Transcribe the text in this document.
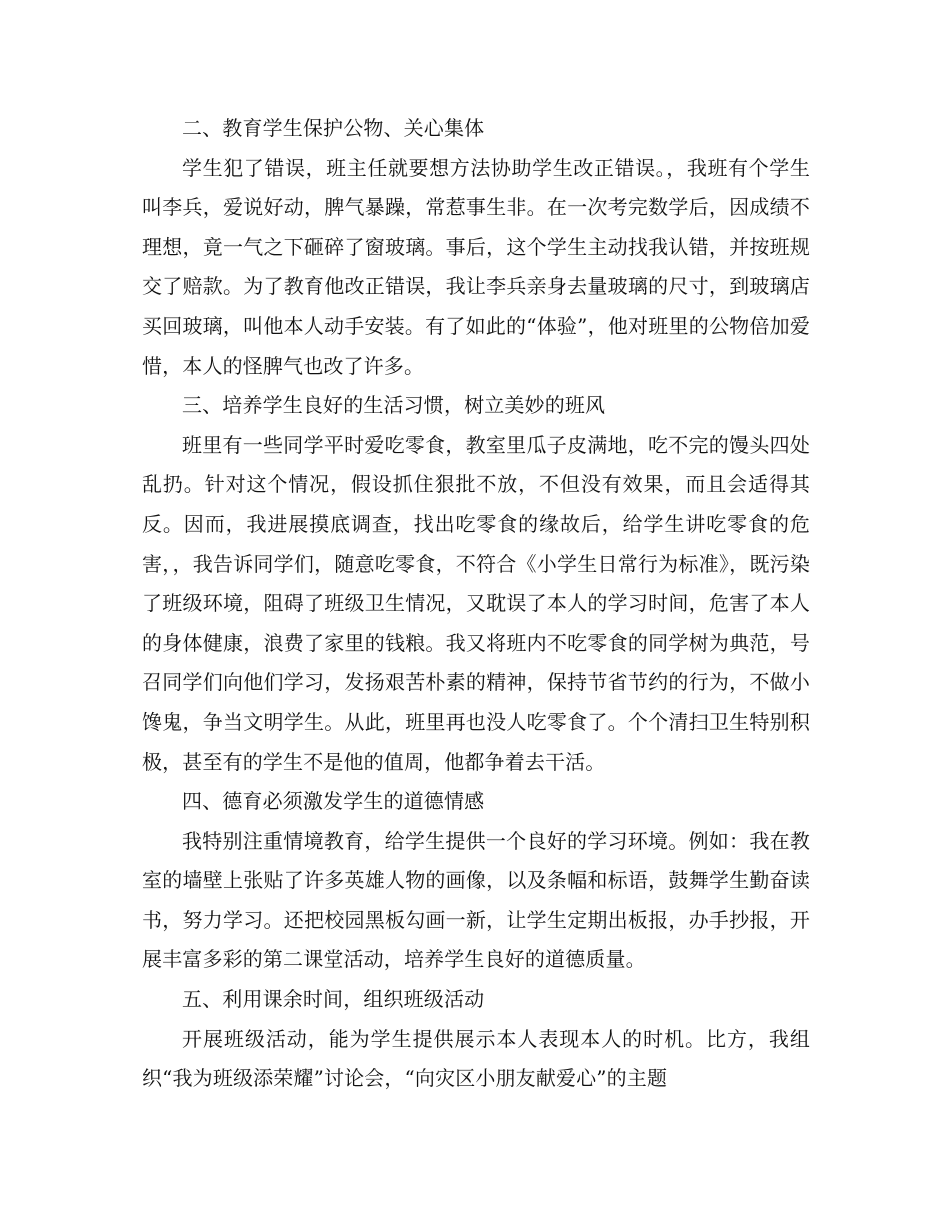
二、教育学生保护公物、关心集体

学生犯了错误，班主任就要想方法协助学生改正错误。，我班有个学生叫李兵，爱说好动，脾气暴躁，常惹事生非。在一次考完数学后，因成绩不理想，竟一气之下砸碎了窗玻璃。事后，这个学生主动找我认错，并按班规交了赔款。为了教育他改正错误，我让李兵亲身去量玻璃的尺寸，到玻璃店买回玻璃，叫他本人动手安装。有了如此的“体验”，他对班里的公物倍加爱惜，本人的怪脾气也改了许多。

三、培养学生良好的生活习惯，树立美妙的班风

班里有一些同学平时爱吃零食，教室里瓜子皮满地，吃不完的馒头四处乱扔。针对这个情况，假设抓住狠批不放，不但没有效果，而且会适得其反。因而，我进展摸底调查，找出吃零食的缘故后，给学生讲吃零食的危害，，我告诉同学们，随意吃零食，不符合《小学生日常行为标准》，既污染了班级环境，阻碍了班级卫生情况，又耽误了本人的学习时间，危害了本人的身体健康，浪费了家里的钱粮。我又将班内不吃零食的同学树为典范，号召同学们向他们学习，发扬艰苦朴素的精神，保持节省节约的行为，不做小馋鬼，争当文明学生。从此，班里再也没人吃零食了。个个清扫卫生特别积极，甚至有的学生不是他的值周，他都争着去干活。

四、德育必须激发学生的道德情感

我特别注重情境教育，给学生提供一个良好的学习环境。例如：我在教室的墙壁上张贴了许多英雄人物的画像，以及条幅和标语，鼓舞学生勤奋读书，努力学习。还把校园黑板勾画一新，让学生定期出板报，办手抄报，开展丰富多彩的第二课堂活动，培养学生良好的道德质量。

五、利用课余时间，组织班级活动

开展班级活动，能为学生提供展示本人表现本人的时机。比方，我组织“我为班级添荣耀”讨论会，“向灾区小朋友献爱心”的主题
